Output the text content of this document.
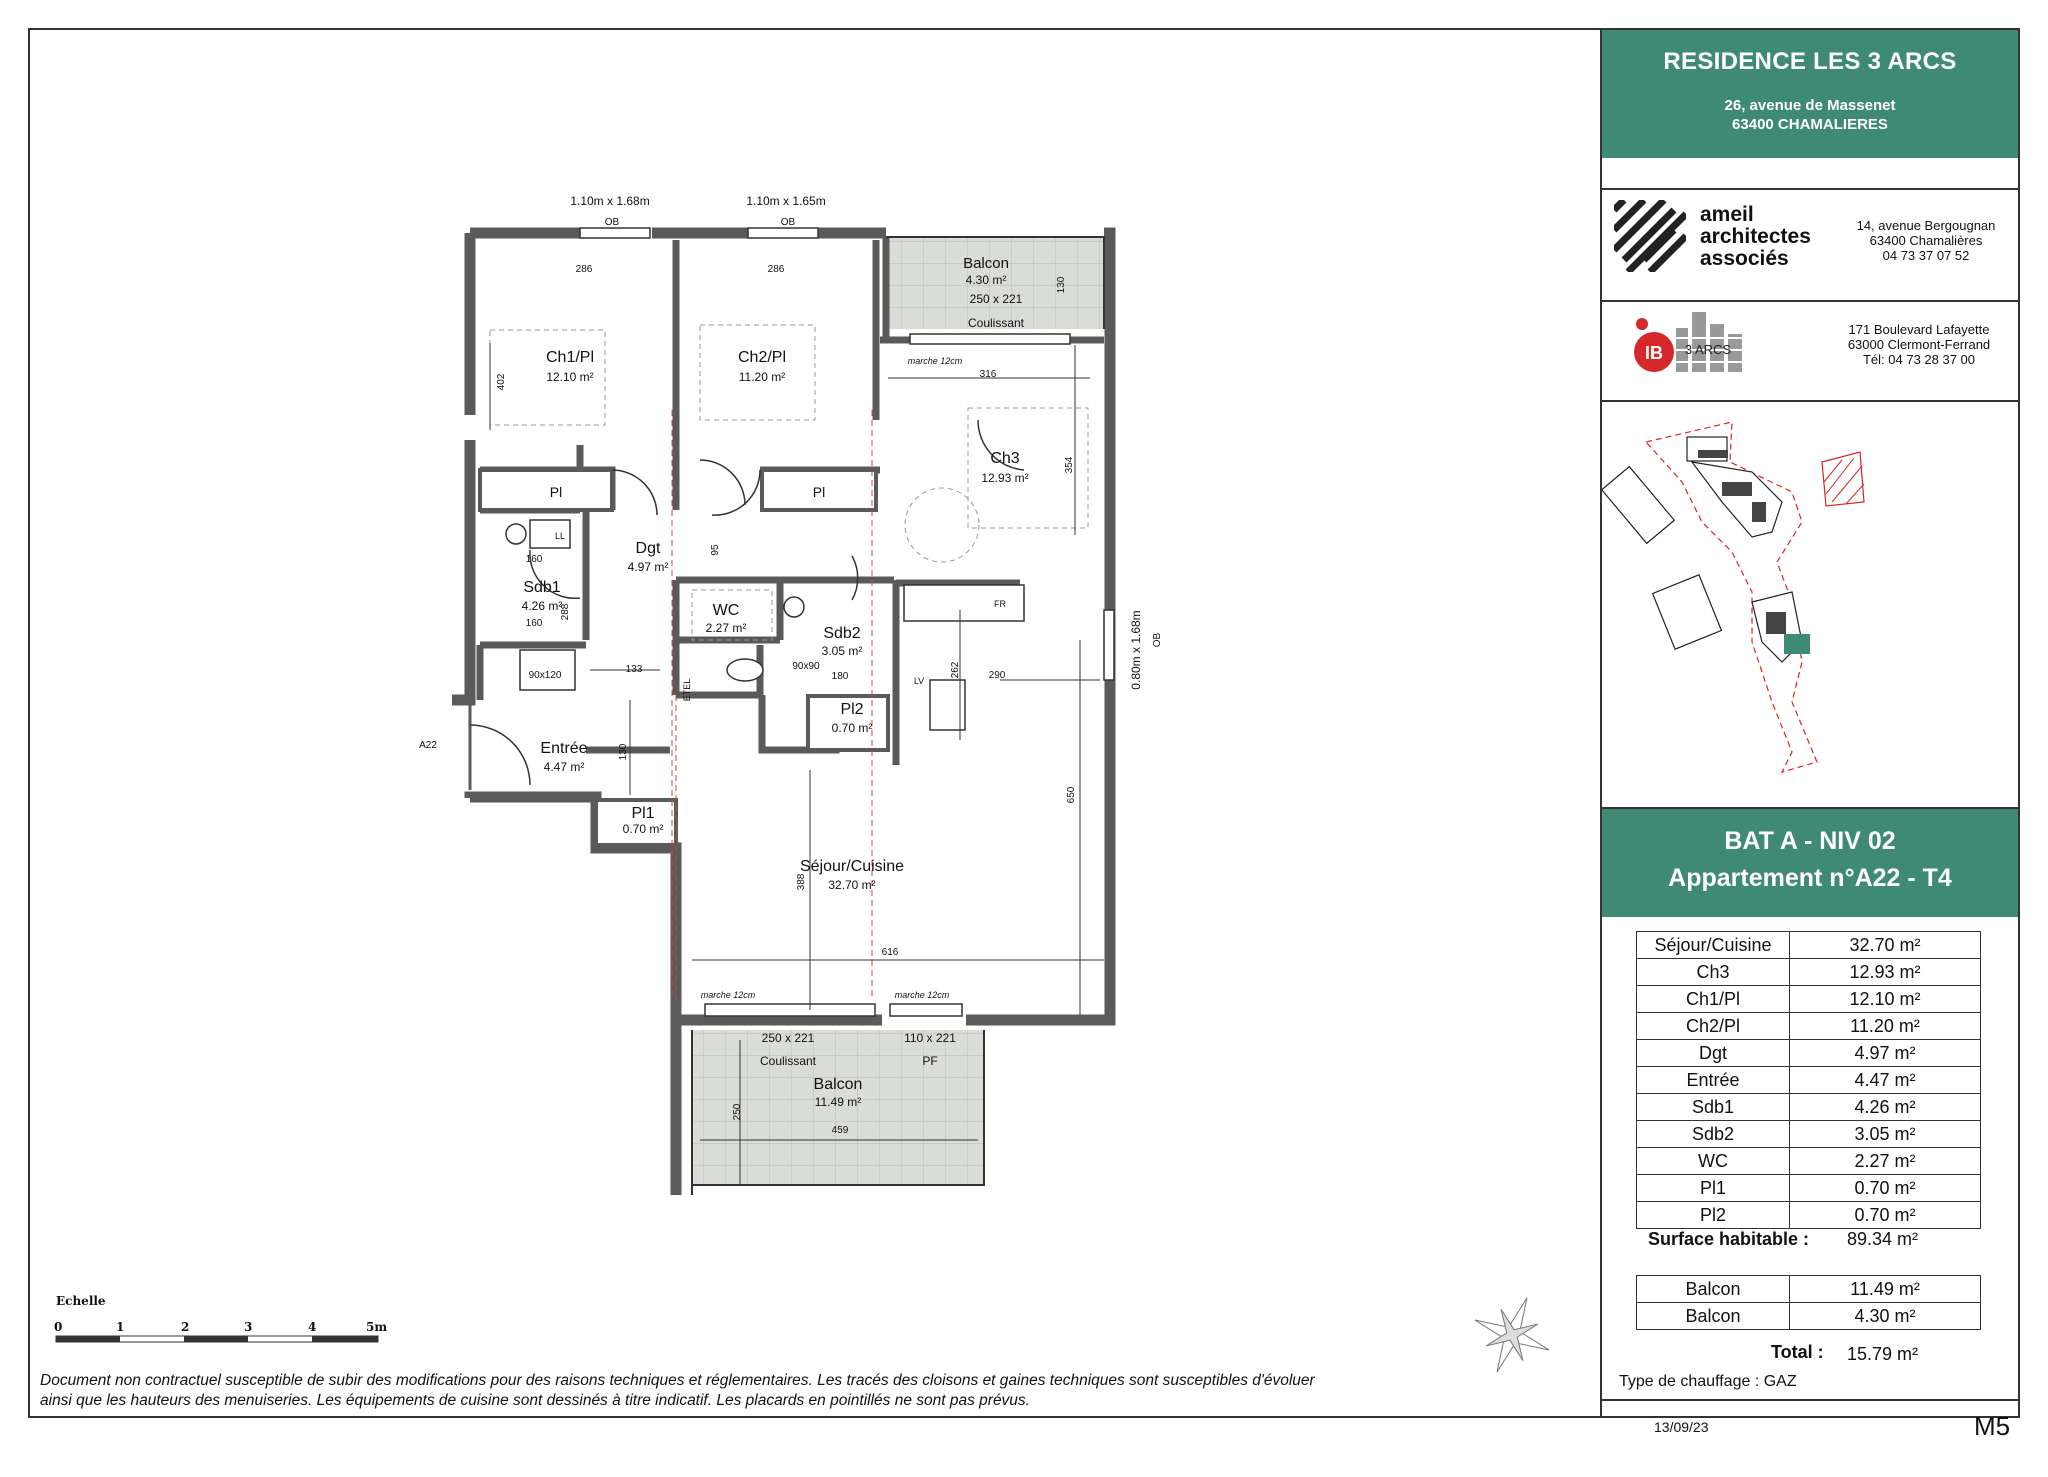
1.10m x 1.68m	1.10m x 1.65m
OB	OB
0.80m x 1.68m OB
Balcon
4.30 m²
250 x 221
Coulissant
130
Ch1/Pl
12.10 m²
402
286
Ch2/Pl
11.20 m²
286
Pl	Pl
Ch3
12.93 m²
316
354
marche 12cm
Dgt
4.97 m²
95
Sdb1
4.26 m²
160
160
288
90x120
LL
WC
2.27 m²	Sdb2
3.05 m²
90x90
180
ETEL
133	262	290
LV
FR
Pl2
0.70 m²
Entrée
4.47 m²
130
A22
Pl1
0.70 m²
Séjour/Cuisine
32.70 m²
388
616
650
marche 12cm	marche 12cm
250 x 221
Coulissant
110 x 221
PF
Balcon
11.49 m²
250
459
Echelle
0	1	2	3	4	5m
Document non contractuel susceptible de subir des modifications pour des raisons techniques et réglementaires. Les tracés des cloisons et gaines techniques sont susceptibles d'évoluer
ainsi que les hauteurs des menuiseries. Les équipements de cuisine sont dessinés à titre indicatif. Les placards en pointillés ne sont pas prévus.
RESIDENCE LES 3 ARCS
26, avenue de Massenet
63400 CHAMALIERES
ameil
architectes
associés
14, avenue Bergougnan
63400 Chamalières
04 73 37 07 52
IB 3 ARCS
171 Boulevard Lafayette
63000 Clermont-Ferrand
Tél: 04 73 28 37 00
BAT A - NIV 02
Appartement n°A22 - T4
Séjour/Cuisine	32.70 m²
Ch3	12.93 m²
Ch1/Pl	12.10 m²
Ch2/Pl	11.20 m²
Dgt	4.97 m²
Entrée	4.47 m²
Sdb1	4.26 m²
Sdb2	3.05 m²
WC	2.27 m²
Pl1	0.70 m²
Pl2	0.70 m²
Surface habitable : 89.34 m²
Balcon	11.49 m²
Balcon	4.30 m²
Total : 15.79 m²
Type de chauffage : GAZ
13/09/23	M5
